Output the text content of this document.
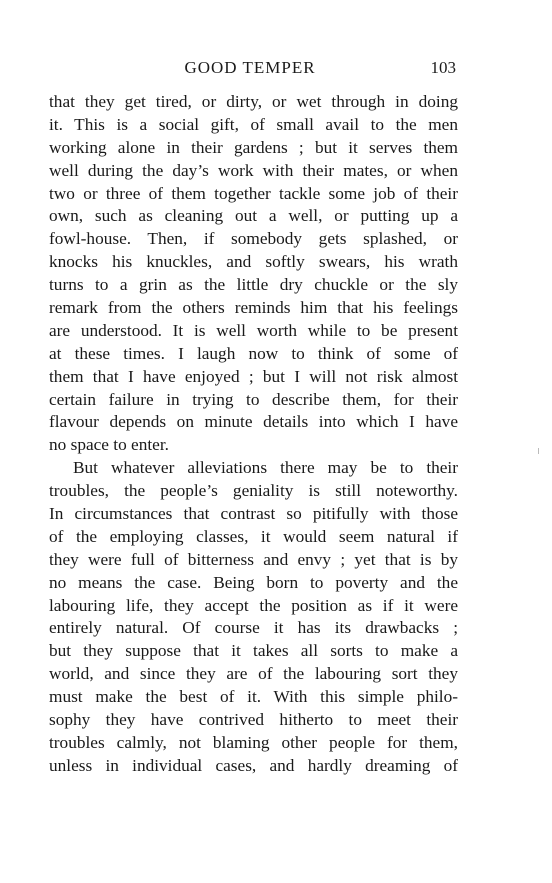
GOOD TEMPER	103
that they get tired, or dirty, or wet through in doing
it. This is a social gift, of small avail to the men
working alone in their gardens ; but it serves them
well during the day’s work with their mates, or when
two or three of them together tackle some job of their
own, such as cleaning out a well, or putting up a
fowl-house. Then, if somebody gets splashed, or
knocks his knuckles, and softly swears, his wrath
turns to a grin as the little dry chuckle or the sly
remark from the others reminds him that his feelings
are understood. It is well worth while to be present
at these times. I laugh now to think of some of
them that I have enjoyed ; but I will not risk almost
certain failure in trying to describe them, for their
flavour depends on minute details into which I have
no space to enter.
But whatever alleviations there may be to their
troubles, the people’s geniality is still noteworthy.
In circumstances that contrast so pitifully with those
of the employing classes, it would seem natural if
they were full of bitterness and envy ; yet that is by
no means the case. Being born to poverty and the
labouring life, they accept the position as if it were
entirely natural. Of course it has its drawbacks ;
but they suppose that it takes all sorts to make a
world, and since they are of the labouring sort they
must make the best of it. With this simple philo-
sophy they have contrived hitherto to meet their
troubles calmly, not blaming other people for them,
unless in individual cases, and hardly dreaming of
